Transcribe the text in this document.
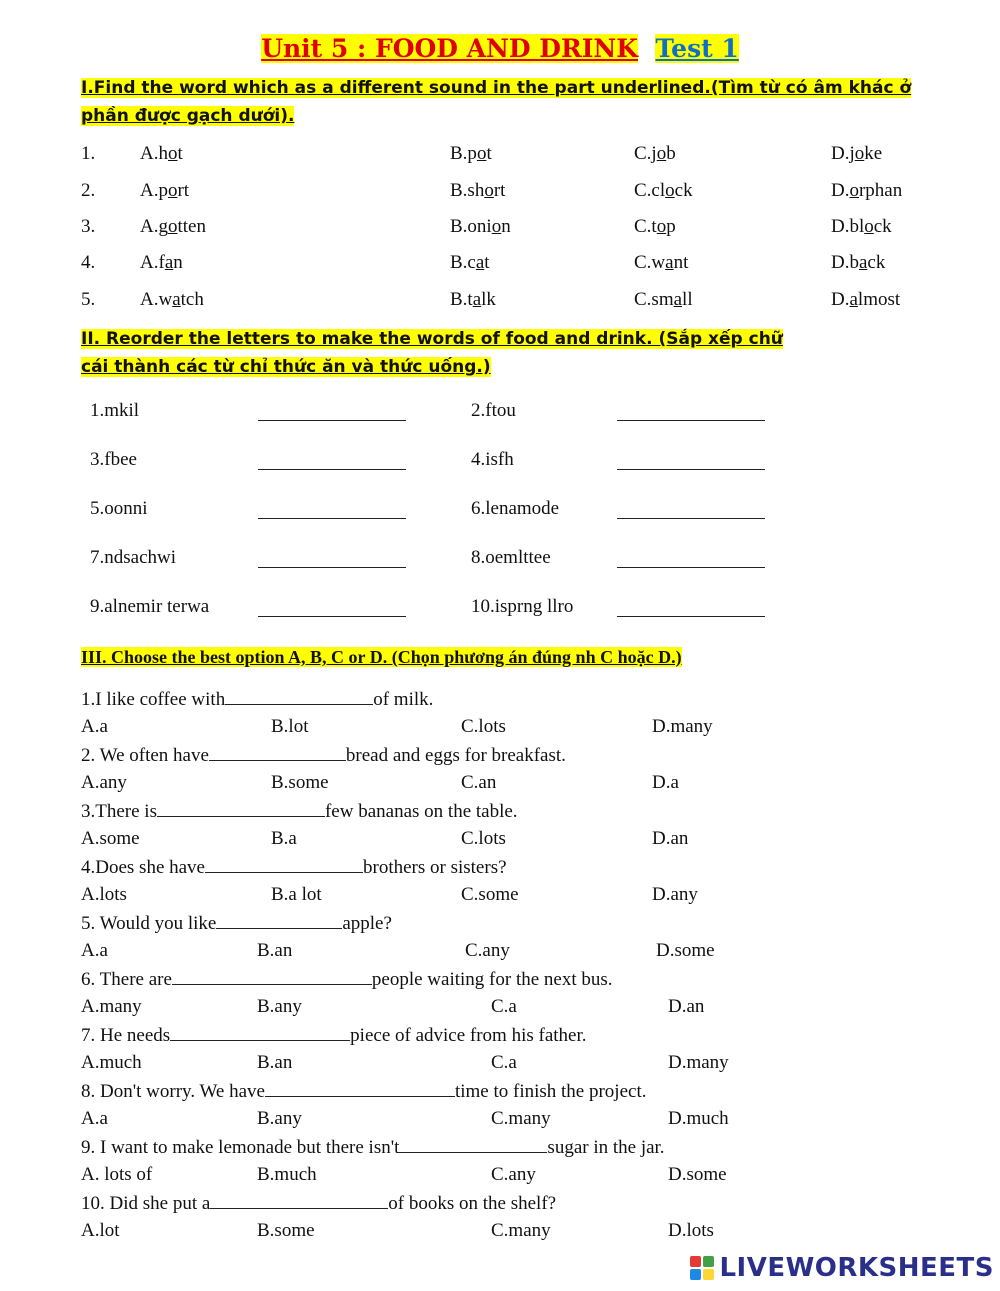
Unit 5 : FOOD AND DRINK Test 1
I.Find the word which as a different sound in the part underlined.(Tìm từ có âm khác ở
phần được gạch dưới).
1. A.hot	B.pot	C.job	D.joke
2. A.port	B.short	C.clock	D.orphan
3. A.gotten	B.onion	C.top	D.block
4. A.fan	B.cat	C.want	D.back
5. A.watch	B.talk	C.small	D.almost
II. Reorder the letters to make the words of food and drink. (Sắp xếp chữ
cái thành các từ chỉ thức ăn và thức uống.)
1.mkil	2.ftou
3.fbee	4.isfh
5.oonni	6.lenamode
7.ndsachwi	8.oemlttee
9.alnemir terwa	10.isprng llro
III. Choose the best option A, B, C or D. (Chọn phương án đúng nh C hoặc D.)
1.I like coffee with	of milk.
A.a	B.lot	C.lots	D.many
2. We often have	bread and eggs for breakfast.
A.any	B.some	C.an	D.a
3.There is	few bananas on the table.
A.some	B.a	C.lots	D.an
4.Does she have	brothers or sisters?
A.lots	B.a lot	C.some	D.any
5. Would you like	apple?
A.a	B.an	C.any	D.some
6. There are	people waiting for the next bus.
A.many	B.any	C.a	D.an
7. He needs	piece of advice from his father.
A.much	B.an	C.a	D.many
8. Don't worry. We have	time to finish the project.
A.a	B.any	C.many	D.much
9. I want to make lemonade but there isn't	sugar in the jar.
A. lots of	B.much	C.any	D.some
10. Did she put a	of books on the shelf?
A.lot	B.some	C.many	D.lots
LIVEWORKSHEETS
